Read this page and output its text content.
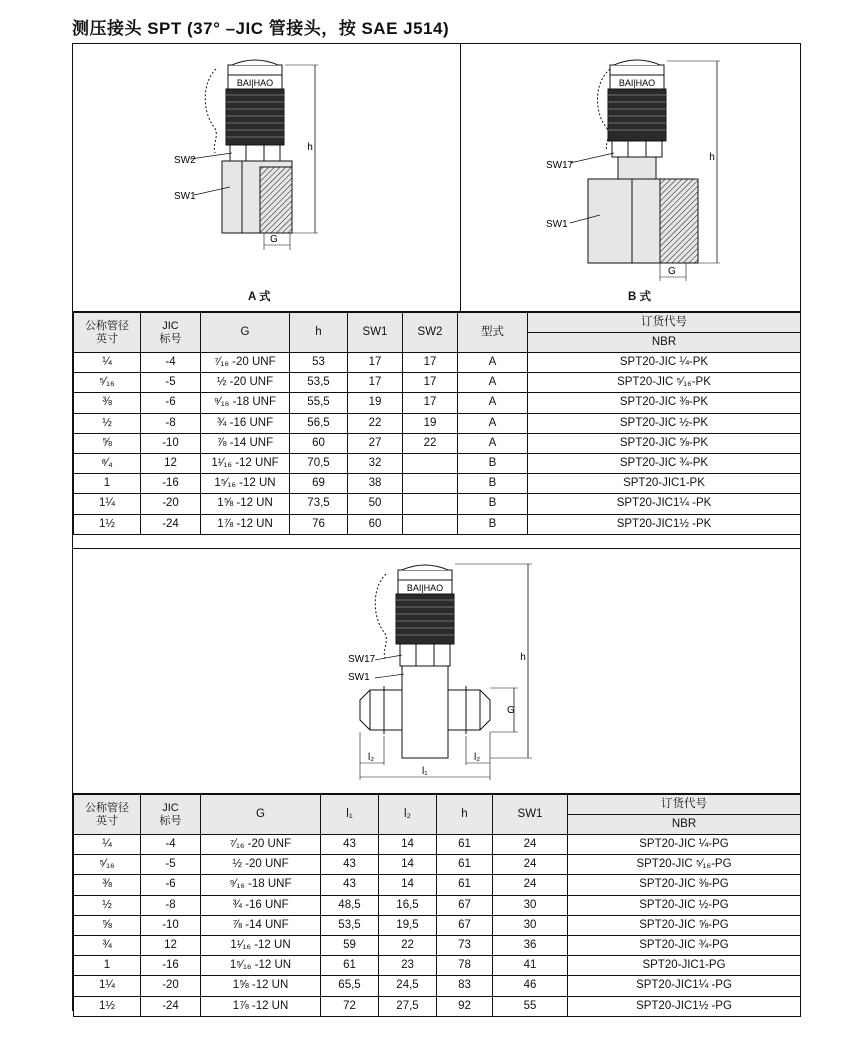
测压接头 SPT (37° –JIC 管接头，按 SAE J514)
BAI|HAO
h
SW2
SW1
G
A 式
BAI|HAO
h
SW17
SW1
G
B 式
公称管径
英寸	JIC
标号	G	h	SW1	SW2	型式	订货代号
							NBR
¼	-4	⁷⁄₁₆ -20 UNF	53	17	17	A	SPT20-JIC ¼-PK
⁵⁄₁₆	-5	½ -20 UNF	53,5	17	17	A	SPT20-JIC ⁵⁄₁₆-PK
⅜	-6	⁹⁄₁₆ -18 UNF	55,5	19	17	A	SPT20-JIC ⅜-PK
½	-8	¾ -16 UNF	56,5	22	19	A	SPT20-JIC ½-PK
⅝	-10	⅞ -14 UNF	60	27	22	A	SPT20-JIC ⅝-PK
⁸⁄₄	12	1¹⁄₁₆ -12 UNF	70,5	32		B	SPT20-JIC ¾-PK
1	-16	1⁵⁄₁₆ -12 UN	69	38		B	SPT20-JIC1-PK
1¼	-20	1⅝ -12 UN	73,5	50		B	SPT20-JIC1¼ -PK
1½	-24	1⅞ -12 UN	76	60		B	SPT20-JIC1½ -PK
BAI|HAO
h
G
SW17
SW1
l₂	l₂
l₁
公称管径
英寸	JIC
标号	G	l₁	l₂	h	SW1	订货代号
							NBR
¼	-4	⁷⁄₁₆ -20 UNF	43	14	61	24	SPT20-JIC ¼-PG
⁵⁄₁₆	-5	½ -20 UNF	43	14	61	24	SPT20-JIC ⁵⁄₁₆-PG
⅜	-6	⁹⁄₁₆ -18 UNF	43	14	61	24	SPT20-JIC ⅜-PG
½	-8	¾ -16 UNF	48,5	16,5	67	30	SPT20-JIC ½-PG
⅝	-10	⅞ -14 UNF	53,5	19,5	67	30	SPT20-JIC ⅝-PG
¾	12	1¹⁄₁₆ -12 UN	59	22	73	36	SPT20-JIC ¾-PG
1	-16	1⁵⁄₁₆ -12 UN	61	23	78	41	SPT20-JIC1-PG
1¼	-20	1⅝ -12 UN	65,5	24,5	83	46	SPT20-JIC1¼ -PG
1½	-24	1⅞ -12 UN	72	27,5	92	55	SPT20-JIC1½ -PG
